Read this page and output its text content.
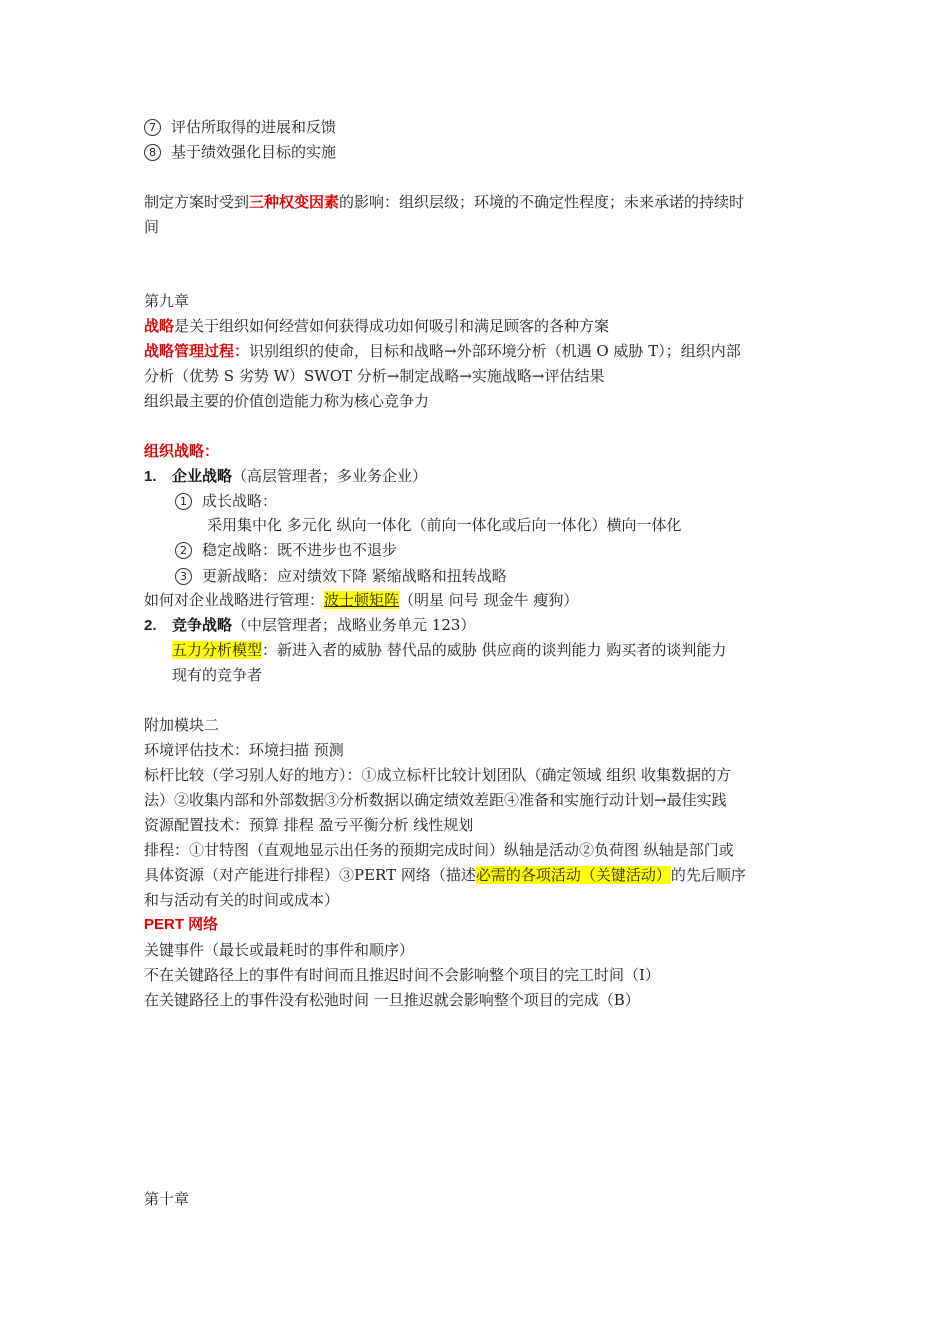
7 评估所取得的进展和反馈
8 基于绩效强化目标的实施
制定方案时受到三种权变因素的影响：组织层级；环境的不确定性程度；未来承诺的持续时
间
第九章
战略是关于组织如何经营如何获得成功如何吸引和满足顾客的各种方案
战略管理过程：识别组织的使命，目标和战略→外部环境分析（机遇 O 威胁 T）；组织内部
分析（优势 S 劣势 W）SWOT 分析→制定战略→实施战略→评估结果
组织最主要的价值创造能力称为核心竞争力
组织战略：
1. 企业战略（高层管理者；多业务企业）
1 成长战略：
采用集中化 多元化 纵向一体化（前向一体化或后向一体化）横向一体化
2 稳定战略：既不进步也不退步
3 更新战略：应对绩效下降 紧缩战略和扭转战略
如何对企业战略进行管理：波士顿矩阵（明星 问号 现金牛 瘦狗）
2. 竞争战略（中层管理者；战略业务单元 123）
五力分析模型：新进入者的威胁 替代品的威胁 供应商的谈判能力 购买者的谈判能力
现有的竞争者
附加模块二
环境评估技术：环境扫描 预测
标杆比较（学习别人好的地方）：①成立标杆比较计划团队（确定领域 组织 收集数据的方
法）②收集内部和外部数据③分析数据以确定绩效差距④准备和实施行动计划→最佳实践
资源配置技术：预算 排程 盈亏平衡分析 线性规划
排程：①甘特图（直观地显示出任务的预期完成时间）纵轴是活动②负荷图 纵轴是部门或
具体资源（对产能进行排程）③PERT 网络（描述必需的各项活动（关键活动）的先后顺序
和与活动有关的时间或成本）
PERT 网络
关键事件（最长或最耗时的事件和顺序）
不在关键路径上的事件有时间而且推迟时间不会影响整个项目的完工时间（I）
在关键路径上的事件没有松弛时间 一旦推迟就会影响整个项目的完成（B）
第十章
